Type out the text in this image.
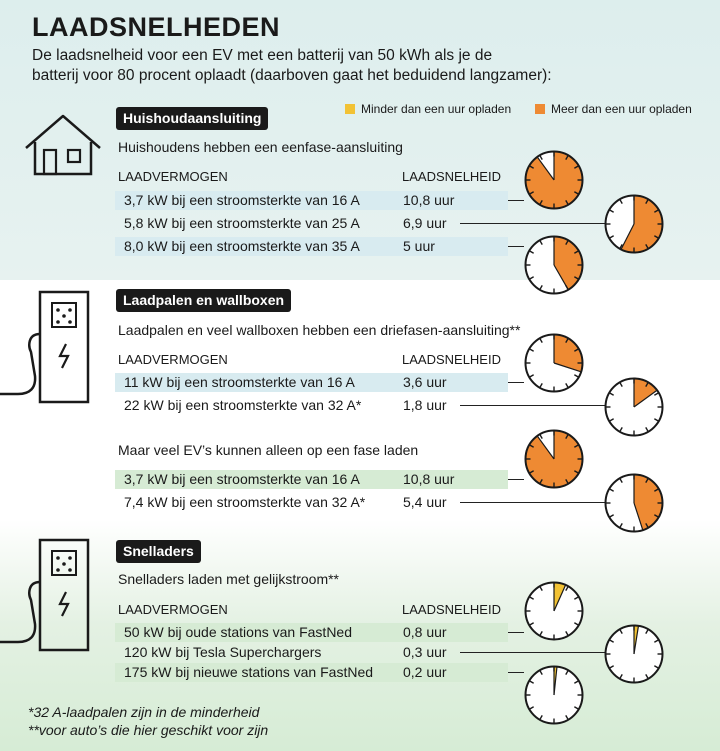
LAADSNELHEDEN
De laadsnelheid voor een EV met een batterij van 50 kWh als je de
batterij voor 80 procent oplaadt (daarboven gaat het beduidend langzamer):
Minder dan een uur opladen	Meer dan een uur opladen
Huishoudaansluiting
Huishoudens hebben een eenfase-aansluiting
LAADVERMOGEN	LAADSNELHEID
3,7 kW bij een stroomsterkte van 16 A	10,8 uur
5,8 kW bij een stroomsterkte van 25 A	6,9 uur
8,0 kW bij een stroomsterkte van 35 A	5 uur
Laadpalen en wallboxen
Laadpalen en veel wallboxen hebben een driefasen-aansluiting**
LAADVERMOGEN	LAADSNELHEID
11 kW bij een stroomsterkte van 16 A	3,6 uur
22 kW bij een stroomsterkte van 32 A*	1,8 uur
Maar veel EV’s kunnen alleen op een fase laden
3,7 kW bij een stroomsterkte van 16 A	10,8 uur
7,4 kW bij een stroomsterkte van 32 A*	5,4 uur
Snelladers
Snelladers laden met gelijkstroom**
LAADVERMOGEN	LAADSNELHEID
50 kW bij oude stations van FastNed	0,8 uur
120 kW bij Tesla Superchargers	0,3 uur
175 kW bij nieuwe stations van FastNed 0,2 uur
*32 A-laadpalen zijn in de minderheid
**voor auto’s die hier geschikt voor zijn
